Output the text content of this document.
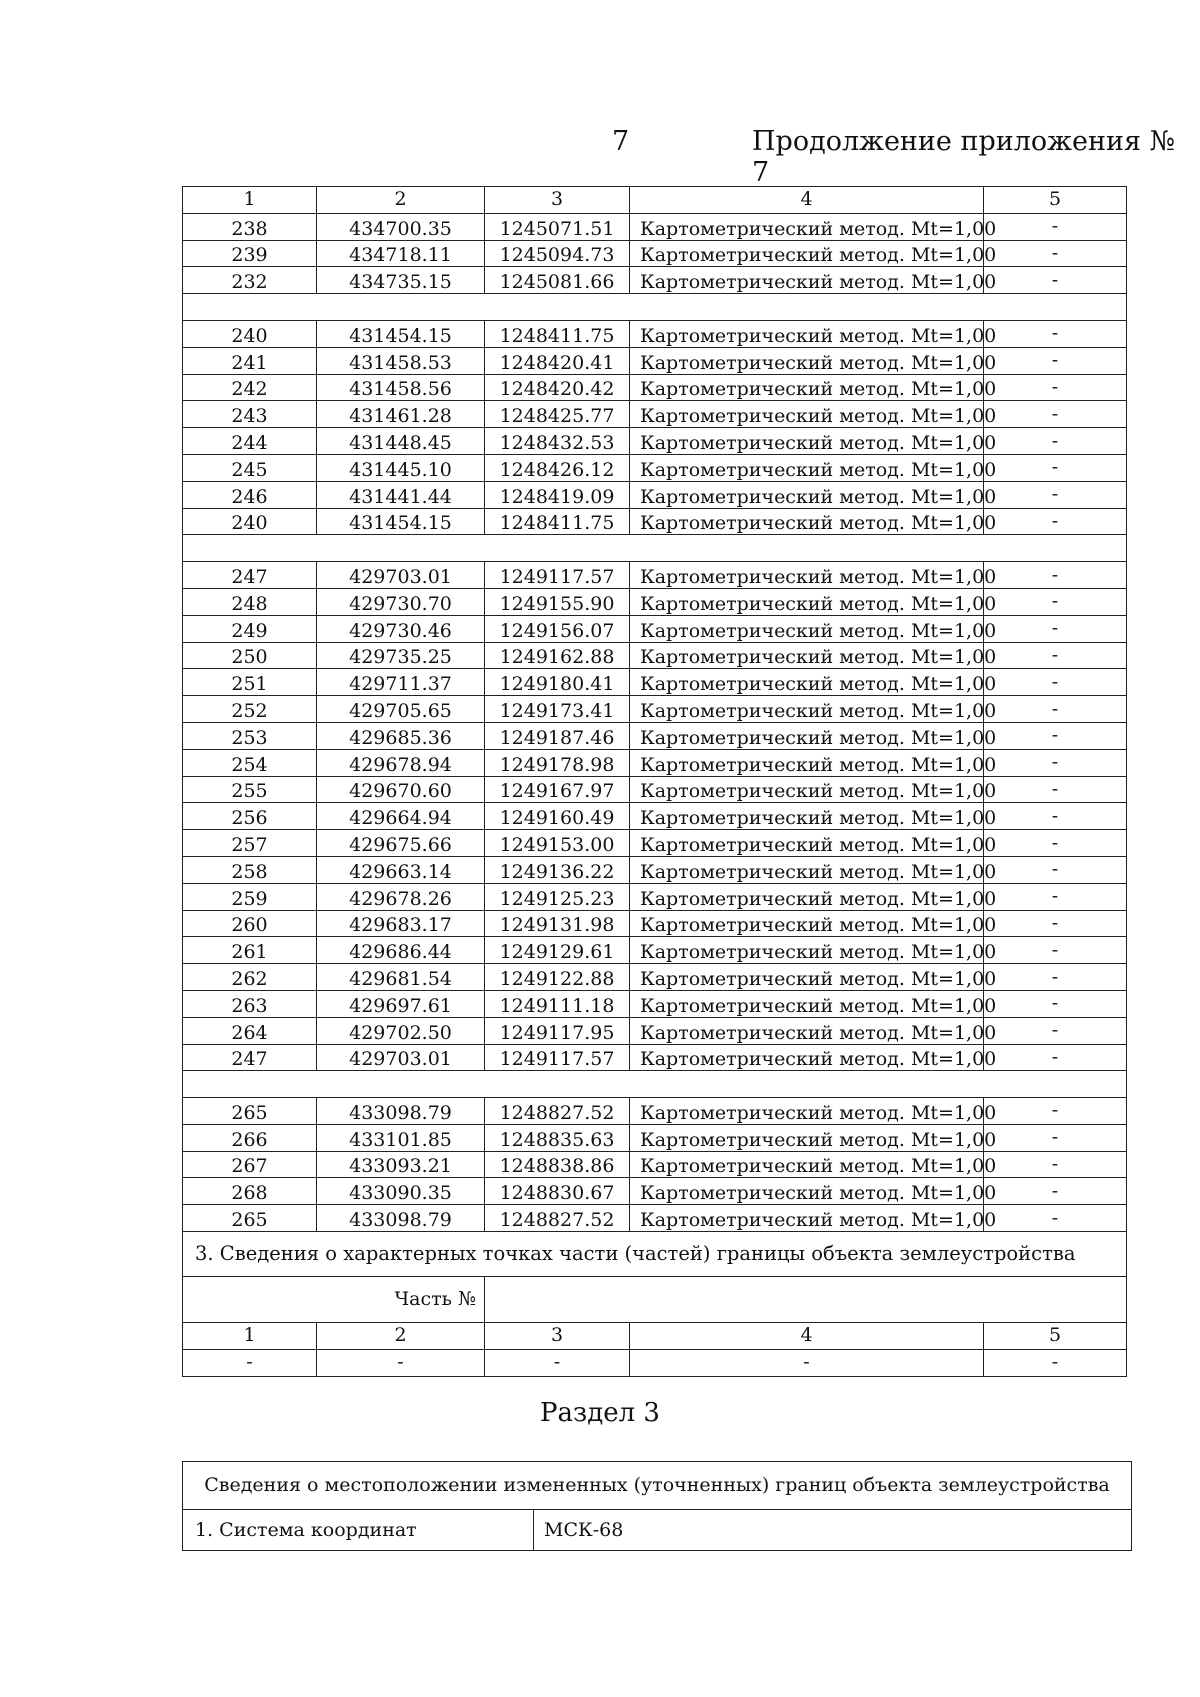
7	Продолжение приложения № 7
1	2	3	4	5
238	434700.35	1245071.51	Картометрический метод. Mt=1,00	-
239	434718.11	1245094.73	Картометрический метод. Mt=1,00	-
232	434735.15	1245081.66	Картометрический метод. Mt=1,00	-

240	431454.15	1248411.75	Картометрический метод. Mt=1,00	-
241	431458.53	1248420.41	Картометрический метод. Mt=1,00	-
242	431458.56	1248420.42	Картометрический метод. Mt=1,00	-
243	431461.28	1248425.77	Картометрический метод. Mt=1,00	-
244	431448.45	1248432.53	Картометрический метод. Mt=1,00	-
245	431445.10	1248426.12	Картометрический метод. Mt=1,00	-
246	431441.44	1248419.09	Картометрический метод. Mt=1,00	-
240	431454.15	1248411.75	Картометрический метод. Mt=1,00	-

247	429703.01	1249117.57	Картометрический метод. Mt=1,00	-
248	429730.70	1249155.90	Картометрический метод. Mt=1,00	-
249	429730.46	1249156.07	Картометрический метод. Mt=1,00	-
250	429735.25	1249162.88	Картометрический метод. Mt=1,00	-
251	429711.37	1249180.41	Картометрический метод. Mt=1,00	-
252	429705.65	1249173.41	Картометрический метод. Mt=1,00	-
253	429685.36	1249187.46	Картометрический метод. Mt=1,00	-
254	429678.94	1249178.98	Картометрический метод. Mt=1,00	-
255	429670.60	1249167.97	Картометрический метод. Mt=1,00	-
256	429664.94	1249160.49	Картометрический метод. Mt=1,00	-
257	429675.66	1249153.00	Картометрический метод. Mt=1,00	-
258	429663.14	1249136.22	Картометрический метод. Mt=1,00	-
259	429678.26	1249125.23	Картометрический метод. Mt=1,00	-
260	429683.17	1249131.98	Картометрический метод. Mt=1,00	-
261	429686.44	1249129.61	Картометрический метод. Mt=1,00	-
262	429681.54	1249122.88	Картометрический метод. Mt=1,00	-
263	429697.61	1249111.18	Картометрический метод. Mt=1,00	-
264	429702.50	1249117.95	Картометрический метод. Mt=1,00	-
247	429703.01	1249117.57	Картометрический метод. Mt=1,00	-

265	433098.79	1248827.52	Картометрический метод. Mt=1,00	-
266	433101.85	1248835.63	Картометрический метод. Mt=1,00	-
267	433093.21	1248838.86	Картометрический метод. Mt=1,00	-
268	433090.35	1248830.67	Картометрический метод. Mt=1,00	-
265	433098.79	1248827.52	Картометрический метод. Mt=1,00	-
3. Сведения о характерных точках части (частей) границы объекта землеустройства				
Часть №				
1	2	3	4	5
-	-	-	-	-
Раздел 3
Сведения о местоположении измененных (уточненных) границ объекта землеустройства
1. Система координат	МСК-68
